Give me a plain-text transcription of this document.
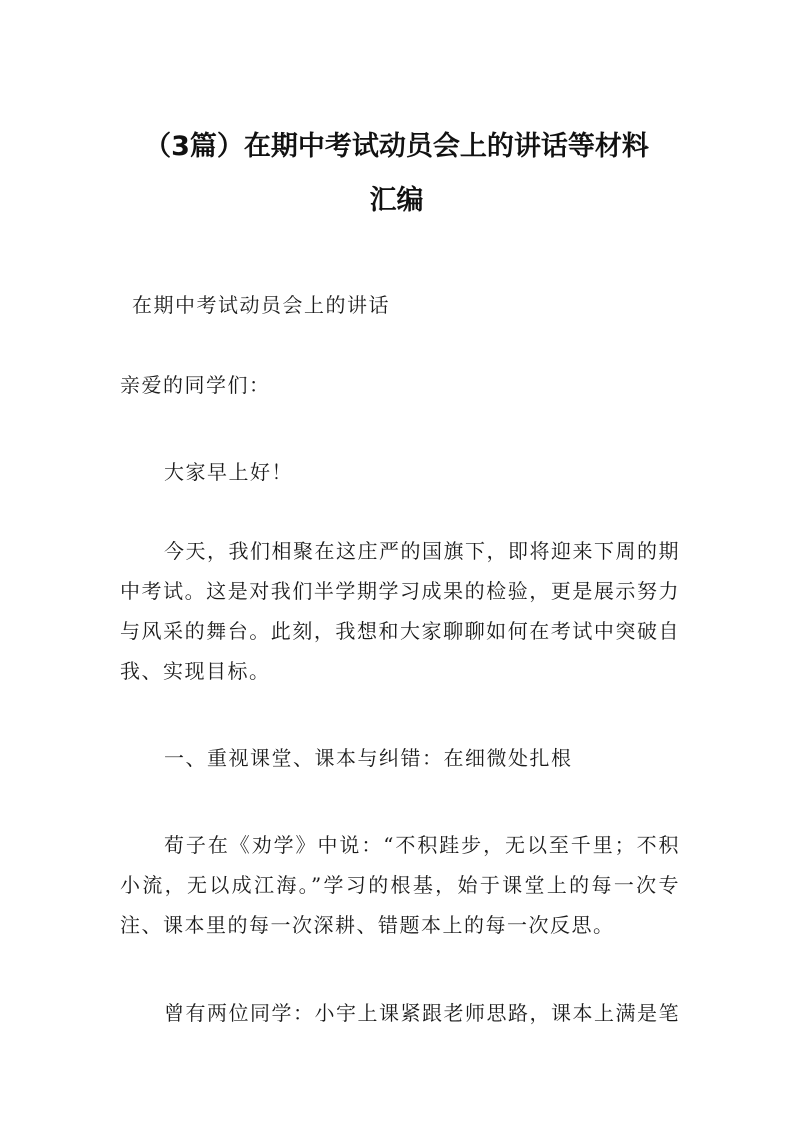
（3篇）在期中考试动员会上的讲话等材料
汇编

在期中考试动员会上的讲话

亲爱的同学们：

大家早上好！

今天，我们相聚在这庄严的国旗下，即将迎来下周的期

中考试。这是对我们半学期学习成果的检验，更是展示努力

与风采的舞台。此刻，我想和大家聊聊如何在考试中突破自

我、实现目标。

一、重视课堂、课本与纠错：在细微处扎根

荀子在《劝学》中说：“不积跬步，无以至千里；不积

小流，无以成江海。”学习的根基，始于课堂上的每一次专

注、课本里的每一次深耕、错题本上的每一次反思。

曾有两位同学：小宇上课紧跟老师思路，课本上满是笔
